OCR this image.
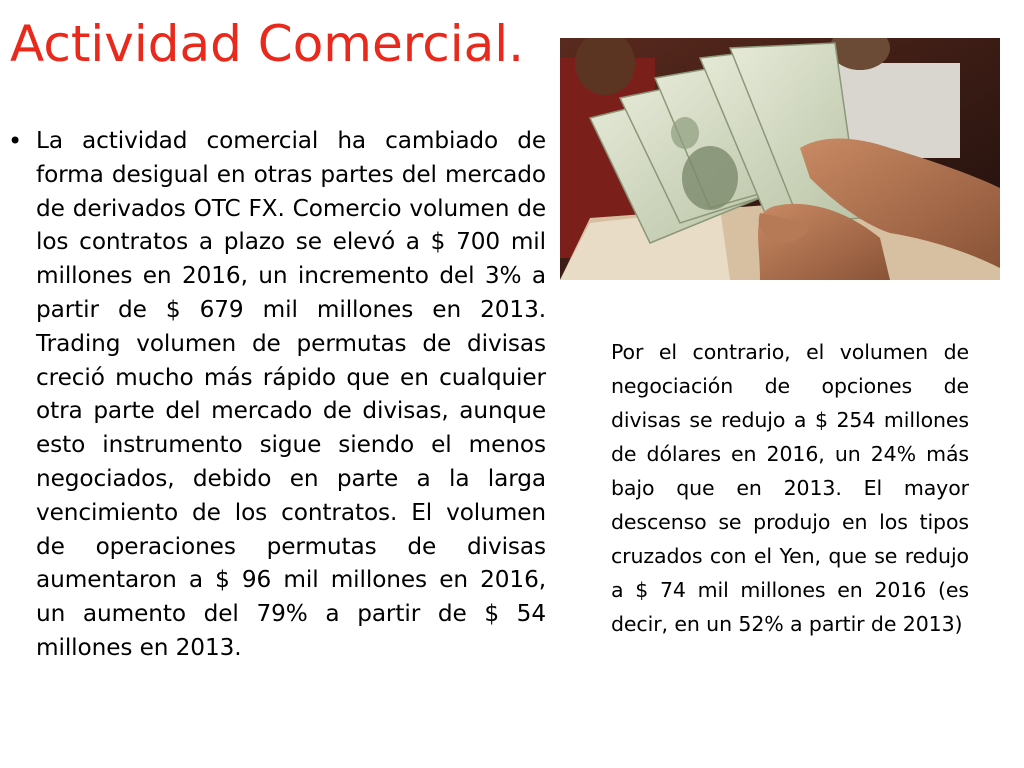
Actividad Comercial.
• La actividad comercial ha cambiado de forma desigual en otras partes del mercado de derivados OTC FX. Comercio volumen de los contratos a plazo se elevó a $ 700 mil millones en 2016, un incremento del 3% a partir de $ 679 mil millones en 2013. Trading volumen de permutas de divisas creció mucho más rápido que en cualquier otra parte del mercado de divisas, aunque esto instrumento sigue siendo el menos negociados, debido en parte a la larga vencimiento de los contratos. El volumen de operaciones permutas de divisas aumentaron a $ 96 mil millones en 2016, un aumento del 79% a partir de $ 54 millones en 2013.
Por el contrario, el volumen de negociación de opciones de divisas se redujo a $ 254 millones de dólares en 2016, un 24% más bajo que en 2013. El mayor descenso se produjo en los tipos cruzados con el Yen, que se redujo a $ 74 mil millones en 2016 (es decir, en un 52% a partir de 2013)
